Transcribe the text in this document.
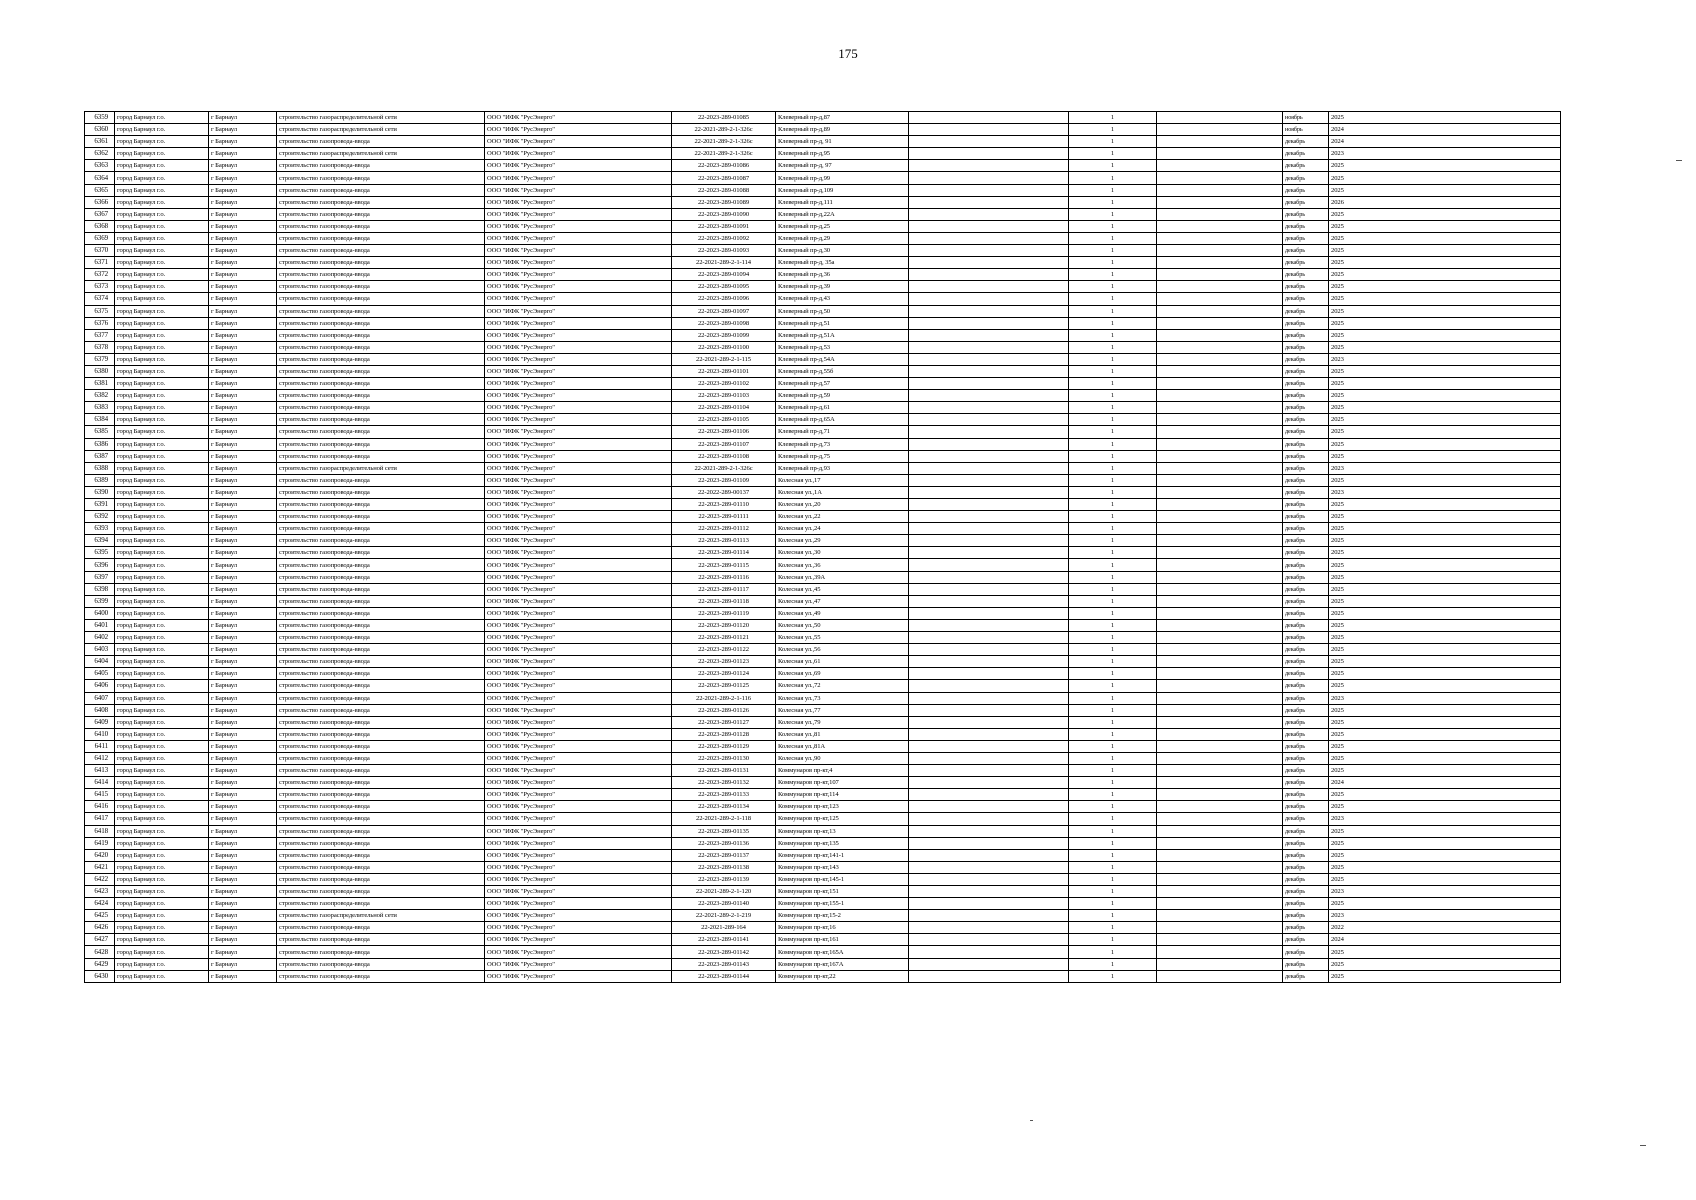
175
6359	город Барнаул г.о.	г Барнаул	строительство газораспределительной сети	ООО "ИФК "РусЭнерго"	22-2023-289-01085	Клеверный пр-д,87		1		ноябрь	2025
6360	город Барнаул г.о.	г Барнаул	строительство газораспределительной сети	ООО "ИФК "РусЭнерго"	22-2021-289-2-1-326с	Клеверный пр-д,89		1		ноябрь	2024
6361	город Барнаул г.о.	г Барнаул	строительство газопровода-ввода	ООО "ИФК "РусЭнерго"	22-2021-289-2-1-326с	Клеверный пр-д, 91		1		декабрь	2024
6362	город Барнаул г.о.	г Барнаул	строительство газораспределительной сети	ООО "ИФК "РусЭнерго"	22-2021-289-2-1-326с	Клеверный пр-д,95		1		декабрь	2023
6363	город Барнаул г.о.	г Барнаул	строительство газопровода-ввода	ООО "ИФК "РусЭнерго"	22-2023-289-01086	Клеверный пр-д, 97		1		декабрь	2025
6364	город Барнаул г.о.	г Барнаул	строительство газопровода-ввода	ООО "ИФК "РусЭнерго"	22-2023-289-01087	Клеверный пр-д,99		1		декабрь	2025
6365	город Барнаул г.о.	г Барнаул	строительство газопровода-ввода	ООО "ИФК "РусЭнерго"	22-2023-289-01088	Клеверный пр-д,109		1		декабрь	2025
6366	город Барнаул г.о.	г Барнаул	строительство газопровода-ввода	ООО "ИФК "РусЭнерго"	22-2023-289-01089	Клеверный пр-д,111		1		декабрь	2026
6367	город Барнаул г.о.	г Барнаул	строительство газопровода-ввода	ООО "ИФК "РусЭнерго"	22-2023-289-01090	Клеверный пр-д,22А		1		декабрь	2025
6368	город Барнаул г.о.	г Барнаул	строительство газопровода-ввода	ООО "ИФК "РусЭнерго"	22-2023-289-01091	Клеверный пр-д,25		1		декабрь	2025
6369	город Барнаул г.о.	г Барнаул	строительство газопровода-ввода	ООО "ИФК "РусЭнерго"	22-2023-289-01092	Клеверный пр-д,29		1		декабрь	2025
6370	город Барнаул г.о.	г Барнаул	строительство газопровода-ввода	ООО "ИФК "РусЭнерго"	22-2023-289-01093	Клеверный пр-д,30		1		декабрь	2025
6371	город Барнаул г.о.	г Барнаул	строительство газопровода-ввода	ООО "ИФК "РусЭнерго"	22-2021-289-2-1-114	Клеверный пр-д, 35а		1		декабрь	2025
6372	город Барнаул г.о.	г Барнаул	строительство газопровода-ввода	ООО "ИФК "РусЭнерго"	22-2023-289-01094	Клеверный пр-д,36		1		декабрь	2025
6373	город Барнаул г.о.	г Барнаул	строительство газопровода-ввода	ООО "ИФК "РусЭнерго"	22-2023-289-01095	Клеверный пр-д,39		1		декабрь	2025
6374	город Барнаул г.о.	г Барнаул	строительство газопровода-ввода	ООО "ИФК "РусЭнерго"	22-2023-289-01096	Клеверный пр-д,43		1		декабрь	2025
6375	город Барнаул г.о.	г Барнаул	строительство газопровода-ввода	ООО "ИФК "РусЭнерго"	22-2023-289-01097	Клеверный пр-д,50		1		декабрь	2025
6376	город Барнаул г.о.	г Барнаул	строительство газопровода-ввода	ООО "ИФК "РусЭнерго"	22-2023-289-01098	Клеверный пр-д,51		1		декабрь	2025
6377	город Барнаул г.о.	г Барнаул	строительство газопровода-ввода	ООО "ИФК "РусЭнерго"	22-2023-289-01099	Клеверный пр-д,51А		1		декабрь	2025
6378	город Барнаул г.о.	г Барнаул	строительство газопровода-ввода	ООО "ИФК "РусЭнерго"	22-2023-289-01100	Клеверный пр-д,53		1		декабрь	2025
6379	город Барнаул г.о.	г Барнаул	строительство газопровода-ввода	ООО "ИФК "РусЭнерго"	22-2021-289-2-1-115	Клеверный пр-д,54А		1		декабрь	2023
6380	город Барнаул г.о.	г Барнаул	строительство газопровода-ввода	ООО "ИФК "РусЭнерго"	22-2023-289-01101	Клеверный пр-д,55б		1		декабрь	2025
6381	город Барнаул г.о.	г Барнаул	строительство газопровода-ввода	ООО "ИФК "РусЭнерго"	22-2023-289-01102	Клеверный пр-д,57		1		декабрь	2025
6382	город Барнаул г.о.	г Барнаул	строительство газопровода-ввода	ООО "ИФК "РусЭнерго"	22-2023-289-01103	Клеверный пр-д,59		1		декабрь	2025
6383	город Барнаул г.о.	г Барнаул	строительство газопровода-ввода	ООО "ИФК "РусЭнерго"	22-2023-289-01104	Клеверный пр-д,61		1		декабрь	2025
6384	город Барнаул г.о.	г Барнаул	строительство газопровода-ввода	ООО "ИФК "РусЭнерго"	22-2023-289-01105	Клеверный пр-д,65А		1		декабрь	2025
6385	город Барнаул г.о.	г Барнаул	строительство газопровода-ввода	ООО "ИФК "РусЭнерго"	22-2023-289-01106	Клеверный пр-д,71		1		декабрь	2025
6386	город Барнаул г.о.	г Барнаул	строительство газопровода-ввода	ООО "ИФК "РусЭнерго"	22-2023-289-01107	Клеверный пр-д,73		1		декабрь	2025
6387	город Барнаул г.о.	г Барнаул	строительство газопровода-ввода	ООО "ИФК "РусЭнерго"	22-2023-289-01108	Клеверный пр-д,75		1		декабрь	2025
6388	город Барнаул г.о.	г Барнаул	строительство газораспределительной сети	ООО "ИФК "РусЭнерго"	22-2021-289-2-1-326с	Клеверный пр-д,93		1		декабрь	2023
6389	город Барнаул г.о.	г Барнаул	строительство газопровода-ввода	ООО "ИФК "РусЭнерго"	22-2023-289-01109	Колесная ул.,17		1		декабрь	2025
6390	город Барнаул г.о.	г Барнаул	строительство газопровода-ввода	ООО "ИФК "РусЭнерго"	22-2022-289-00137	Колесная ул.,1А		1		декабрь	2023
6391	город Барнаул г.о.	г Барнаул	строительство газопровода-ввода	ООО "ИФК "РусЭнерго"	22-2023-289-01110	Колесная ул.,20		1		декабрь	2025
6392	город Барнаул г.о.	г Барнаул	строительство газопровода-ввода	ООО "ИФК "РусЭнерго"	22-2023-289-01111	Колесная ул.,22		1		декабрь	2025
6393	город Барнаул г.о.	г Барнаул	строительство газопровода-ввода	ООО "ИФК "РусЭнерго"	22-2023-289-01112	Колесная ул.,24		1		декабрь	2025
6394	город Барнаул г.о.	г Барнаул	строительство газопровода-ввода	ООО "ИФК "РусЭнерго"	22-2023-289-01113	Колесная ул.,29		1		декабрь	2025
6395	город Барнаул г.о.	г Барнаул	строительство газопровода-ввода	ООО "ИФК "РусЭнерго"	22-2023-289-01114	Колесная ул.,30		1		декабрь	2025
6396	город Барнаул г.о.	г Барнаул	строительство газопровода-ввода	ООО "ИФК "РусЭнерго"	22-2023-289-01115	Колесная ул.,36		1		декабрь	2025
6397	город Барнаул г.о.	г Барнаул	строительство газопровода-ввода	ООО "ИФК "РусЭнерго"	22-2023-289-01116	Колесная ул.,39А		1		декабрь	2025
6398	город Барнаул г.о.	г Барнаул	строительство газопровода-ввода	ООО "ИФК "РусЭнерго"	22-2023-289-01117	Колесная ул.,45		1		декабрь	2025
6399	город Барнаул г.о.	г Барнаул	строительство газопровода-ввода	ООО "ИФК "РусЭнерго"	22-2023-289-01118	Колесная ул.,47		1		декабрь	2025
6400	город Барнаул г.о.	г Барнаул	строительство газопровода-ввода	ООО "ИФК "РусЭнерго"	22-2023-289-01119	Колесная ул.,49		1		декабрь	2025
6401	город Барнаул г.о.	г Барнаул	строительство газопровода-ввода	ООО "ИФК "РусЭнерго"	22-2023-289-01120	Колесная ул.,50		1		декабрь	2025
6402	город Барнаул г.о.	г Барнаул	строительство газопровода-ввода	ООО "ИФК "РусЭнерго"	22-2023-289-01121	Колесная ул.,55		1		декабрь	2025
6403	город Барнаул г.о.	г Барнаул	строительство газопровода-ввода	ООО "ИФК "РусЭнерго"	22-2023-289-01122	Колесная ул.,56		1		декабрь	2025
6404	город Барнаул г.о.	г Барнаул	строительство газопровода-ввода	ООО "ИФК "РусЭнерго"	22-2023-289-01123	Колесная ул.,61		1		декабрь	2025
6405	город Барнаул г.о.	г Барнаул	строительство газопровода-ввода	ООО "ИФК "РусЭнерго"	22-2023-289-01124	Колесная ул.,69		1		декабрь	2025
6406	город Барнаул г.о.	г Барнаул	строительство газопровода-ввода	ООО "ИФК "РусЭнерго"	22-2023-289-01125	Колесная ул.,72		1		декабрь	2025
6407	город Барнаул г.о.	г Барнаул	строительство газопровода-ввода	ООО "ИФК "РусЭнерго"	22-2021-289-2-1-116	Колесная ул.,73		1		декабрь	2023
6408	город Барнаул г.о.	г Барнаул	строительство газопровода-ввода	ООО "ИФК "РусЭнерго"	22-2023-289-01126	Колесная ул.,77		1		декабрь	2025
6409	город Барнаул г.о.	г Барнаул	строительство газопровода-ввода	ООО "ИФК "РусЭнерго"	22-2023-289-01127	Колесная ул.,79		1		декабрь	2025
6410	город Барнаул г.о.	г Барнаул	строительство газопровода-ввода	ООО "ИФК "РусЭнерго"	22-2023-289-01128	Колесная ул.,81		1		декабрь	2025
6411	город Барнаул г.о.	г Барнаул	строительство газопровода-ввода	ООО "ИФК "РусЭнерго"	22-2023-289-01129	Колесная ул.,81А		1		декабрь	2025
6412	город Барнаул г.о.	г Барнаул	строительство газопровода-ввода	ООО "ИФК "РусЭнерго"	22-2023-289-01130	Колесная ул.,90		1		декабрь	2025
6413	город Барнаул г.о.	г Барнаул	строительство газопровода-ввода	ООО "ИФК "РусЭнерго"	22-2023-289-01131	Коммунаров пр-кт,4		1		декабрь	2025
6414	город Барнаул г.о.	г Барнаул	строительство газопровода-ввода	ООО "ИФК "РусЭнерго"	22-2023-289-01132	Коммунаров пр-кт,107		1		декабрь	2024
6415	город Барнаул г.о.	г Барнаул	строительство газопровода-ввода	ООО "ИФК "РусЭнерго"	22-2023-289-01133	Коммунаров пр-кт,114		1		декабрь	2025
6416	город Барнаул г.о.	г Барнаул	строительство газопровода-ввода	ООО "ИФК "РусЭнерго"	22-2023-289-01134	Коммунаров пр-кт,123		1		декабрь	2025
6417	город Барнаул г.о.	г Барнаул	строительство газопровода-ввода	ООО "ИФК "РусЭнерго"	22-2021-289-2-1-118	Коммунаров пр-кт,125		1		декабрь	2023
6418	город Барнаул г.о.	г Барнаул	строительство газопровода-ввода	ООО "ИФК "РусЭнерго"	22-2023-289-01135	Коммунаров пр-кт,13		1		декабрь	2025
6419	город Барнаул г.о.	г Барнаул	строительство газопровода-ввода	ООО "ИФК "РусЭнерго"	22-2023-289-01136	Коммунаров пр-кт,135		1		декабрь	2025
6420	город Барнаул г.о.	г Барнаул	строительство газопровода-ввода	ООО "ИФК "РусЭнерго"	22-2023-289-01137	Коммунаров пр-кт,141-1		1		декабрь	2025
6421	город Барнаул г.о.	г Барнаул	строительство газопровода-ввода	ООО "ИФК "РусЭнерго"	22-2023-289-01138	Коммунаров пр-кт,143		1		декабрь	2025
6422	город Барнаул г.о.	г Барнаул	строительство газопровода-ввода	ООО "ИФК "РусЭнерго"	22-2023-289-01139	Коммунаров пр-кт,145-1		1		декабрь	2025
6423	город Барнаул г.о.	г Барнаул	строительство газопровода-ввода	ООО "ИФК "РусЭнерго"	22-2021-289-2-1-120	Коммунаров пр-кт,151		1		декабрь	2023
6424	город Барнаул г.о.	г Барнаул	строительство газопровода-ввода	ООО "ИФК "РусЭнерго"	22-2023-289-01140	Коммунаров пр-кт,155-1		1		декабрь	2025
6425	город Барнаул г.о.	г Барнаул	строительство газораспределительной сети	ООО "ИФК "РусЭнерго"	22-2021-289-2-1-219	Коммунаров пр-кт,15-2		1		декабрь	2023
6426	город Барнаул г.о.	г Барнаул	строительство газопровода-ввода	ООО "ИФК "РусЭнерго"	22-2021-289-164	Коммунаров пр-кт,16		1		декабрь	2022
6427	город Барнаул г.о.	г Барнаул	строительство газопровода-ввода	ООО "ИФК "РусЭнерго"	22-2023-289-01141	Коммунаров пр-кт,161		1		декабрь	2024
6428	город Барнаул г.о.	г Барнаул	строительство газопровода-ввода	ООО "ИФК "РусЭнерго"	22-2023-289-01142	Коммунаров пр-кт,165А		1		декабрь	2025
6429	город Барнаул г.о.	г Барнаул	строительство газопровода-ввода	ООО "ИФК "РусЭнерго"	22-2023-289-01143	Коммунаров пр-кт,167А		1		декабрь	2025
6430	город Барнаул г.о.	г Барнаул	строительство газопровода-ввода	ООО "ИФК "РусЭнерго"	22-2023-289-01144	Коммунаров пр-кт,22		1		декабрь	2025
